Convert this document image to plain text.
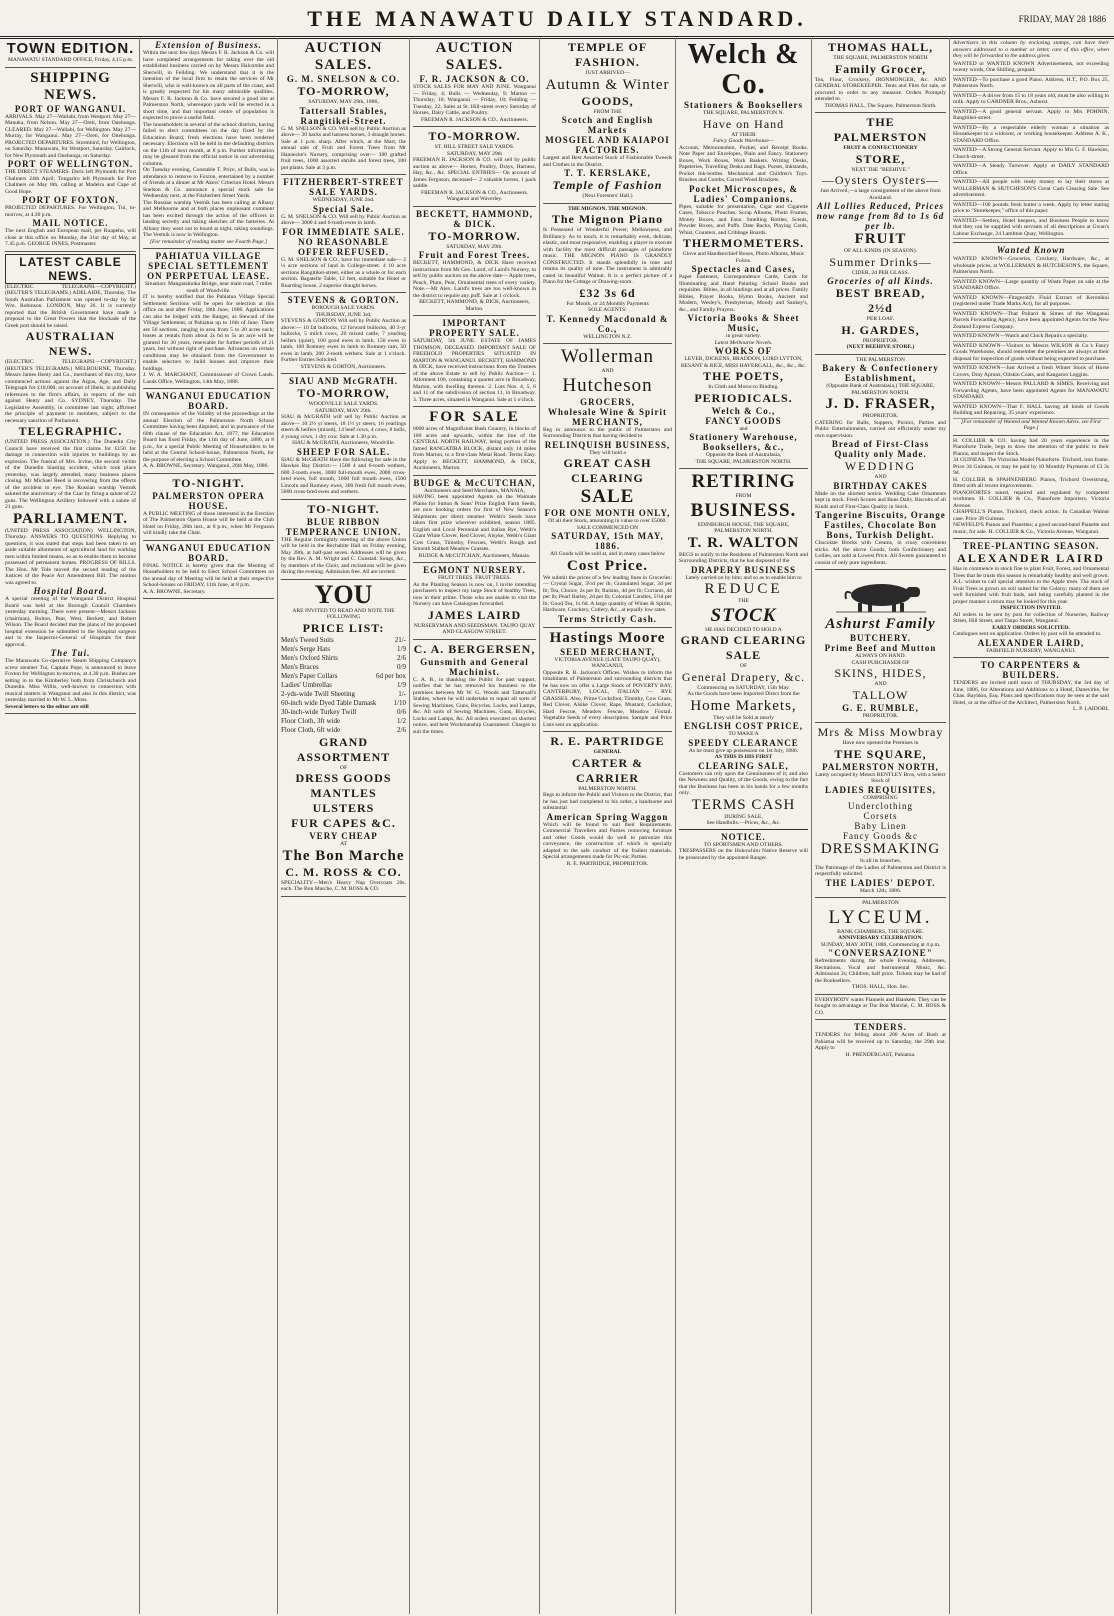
THE MANAWATU DAILY STANDARD.	FRIDAY, MAY 28 1886
TOWN EDITION.
MANAWATU STANDARD OFFICE, Friday, 4.15 p.m.
SHIPPING NEWS.
PORT OF WANGANUI.
ARRIVALS. May 27—Wallabi, from Westport. May 27—Manuka, from Nelson. May 27—Oreti, from Onehunga. CLEARED. May 27—Wallabi, for Wellington. May 27—Murray, for Wanganui. May 27—Oreti, for Onehunga. PROJECTED DEPARTURES. Stormbird, for Wellington, on Saturday. Manawatu, for Westport, Saturday. Gairloch, for New Plymouth and Onehunga, on Saturday.
PORT OF WELLINGTON.
THE DIRECT STEAMERS. Doric left Plymouth for Port Chalmers 24th April; Tongariro left Plymouth for Port Chalmers on May 8th, calling at Madeira and Cape of Good Hope.
PORT OF FOXTON.
PROJECTED DEPARTURES. For Wellington, Tui, to-morrow, at 4.30 p.m.
MAIL NOTICE.
The next English and European mail, per Ruapehu, will close at this office on Monday, the 31st day of May, at 7.45 p.m. GEORGE INNES, Postmaster.
LATEST CABLE NEWS.
(ELECTRIC TELEGRAPH.—COPYRIGHT.) (REUTER'S TELEGRAMS.) ADELAIDE, Thursday. The South Australian Parliament was opened to-day by Sir Wm. Robinson. LONDON, May 26. It is currently reported that the British Government have made a proposal to the Great Powers that the blockade of the Greek port should be raised.
AUSTRALIAN NEWS.
(ELECTRIC TELEGRAPH.—COPYRIGHT.) (REUTER'S TELEGRAMS.) MELBOURNE, Thursday. Messrs James Henty and Co., merchants of this city, have commenced actions against the Argus, Age, and Daily Telegraph for £10,000, on account of libels, in publishing references to the firm's affairs, in reports of the suit against Henty and Co. SYDNEY, Thursday. The Legislative Assembly, in committee last night, affirmed the principle of payment to members, subject to the necessary sanction of Parliament.
TELEGRAPHIC.
(UNITED PRESS ASSOCIATION.) The Dunedin City Council have received the first claims for £150 for damage in connection with injuries to buildings by an explosion. The funeral of Mrs. Irvine, the second victim of the Dunedin blasting accident, which took place yesterday, was largely attended, many business places closing. Mr Michael Reed is recovering from the effects of the accident to eye. The Russian warship Vestnik saluted the anniversary of the Czar by firing a salute of 22 guns. The Wellington Artillery followed with a salute of 21 guns.
PARLIAMENT.
(UNITED PRESS ASSOCIATION) WELLINGTON, Thursday. ANSWERS TO QUESTIONS. Replying to questions, it was stated that steps had been taken to set aside suitable allotments of agricultural land for working men within limited means, so as to enable them to become possessed of permanent homes. PROGRESS OF BILLS. The Hon. Mr Tole moved the second reading of the Justices of the Peace Act Amendment Bill. The motion was agreed to.
Hospital Board.
A special meeting of the Wanganui District Hospital Board was held at the Borough Council Chambers yesterday morning. There were present—Messrs Jackson (chairman), Bolton, Peat, West, Beckett, and Robert Wilson. The Board decided that the plans of the proposed hospital extension be submitted to the Hospital surgeon and to the Inspector-General of Hospitals for their approval.
The Tui.
The Manawatu Co-operative Steam Shipping Company's screw steamer Tui, Captain Pope, is announced to leave Foxton for Wellington to-morrow, at 4.30 p.m. Bushes are setting in to the Kimberley both from Christchurch and Dunedin. Miss Willis, well-known in connection with musical matters in Wanganui and also in this district, was yesterday married to Mr W. L. Moss.
Several letters to the editor are still
Extension of Business.
Within the next few days Messrs F. R. Jackson & Co. will have completed arrangements for taking over the old established business carried on by Messrs Halcombe and Sherwill, in Feilding. We understand that it is the intention of the local firm to retain the services of Mr Sherwill, who is well-known on all parts of the coast, and is greatly respected for his many admirable qualities. Messrs F. R. Jackson & Co. have secured a good site at Palmerston North, whereupon yards will be erected in a short time, and that important centre of population is expected to prove a useful field.
The householders in several of the school districts, having failed to elect committees on the day fixed by the Education Board, fresh elections have been rendered necessary. Elections will be held in the defaulting districts on the 11th of next month, at 8 p.m. Further information may be gleaned from the official notice in our advertising columns.
On Tuesday evening, Constable T. Price, of Bulls, was in attendance to remove to Foxton, entertained by a number of friends at a dinner at Mr Akers' Criterion Hotel. Messrs Snelson & Co. announce a special stock sale for Wednesday next, at the Fitzherbert Street Yards.
The Russian warship Vestnik has been calling at Albany and Melbourne and at both places unpleasant comment has been excited through the action of the officers in landing secretly and taking sketches of the batteries. At Albany they went out to board at night, taking soundings. The Vestnik is now in Wellington.
[For remainder of reading matter see Fourth Page.]
PAHIATUA VILLAGE SPECIAL SETTLEMENT ON PERPETUAL LEASE.
Situation: Mangatainoka Bridge, near main road, 7 miles south of Woodville.
IT is hereby notified that the Pahiatua Village Special Settlement Sections will be open for selection at this office on and after Friday, 18th June, 1886. Applications can also be lodged with the Ranger, as Steward of the Village Settlement, at Pahiatua up to 16th of June. There are 56 sections, ranging in area from 5 to 20 acres each; leases at rentals from about 2s 6d to 5s an acre will be granted for 30 years, renewable for further periods of 21 years, but without right of purchase. Advances on certain conditions may be obtained from the Government to enable selectors to build houses and improve their holdings.
J. W. A. MARCHANT, Commissioner of Crown Lands. Lands Office, Wellington, 14th May, 1886.
WANGANUI EDUCATION BOARD.
IN consequence of the Validity of the proceedings at the annual Election of the Palmerston North School Committee having been disputed, and in pursuance of the 60th clause of the Education Act, 1877, the Education Board has fixed Friday, the 11th day of June, 1886, at 8 p.m., for a special Public Meeting of Householders to be held at the Central School-house, Palmerston North, for the purpose of electing a School Committee.
A. A. BROWNE, Secretary. Wanganui, 26th May, 1886.
TO-NIGHT.
PALMERSTON OPERA HOUSE.
A PUBLIC MEETING of those interested in the Erection of The Palmerston Opera House will be held at the Club Hotel on Friday, 28th inst., at 8 p.m., when Mr Ferguson will kindly take the Chair.
WANGANUI EDUCATION BOARD.
FINAL NOTICE is hereby given that the Meeting of Householders to be held to Elect School Committees on the annual day of Meeting will be held at their respective School-houses on FRIDAY, 11th June, at 8 p.m.
A. A. BROWNE, Secretary.
AUCTION SALES.
G. M. SNELSON & CO.
TO-MORROW,
SATURDAY, MAY 29th, 1886,
Tattersall Stables, Rangitikei-Street.
G. M. SNELSON & CO. Will sell by Public Auction as above— 30 hacks and harness horses, 3 draught horses. Sale at 1 p.m. sharp. After which, at the Mart, the annual sale of Fruit and Forest Trees from Mr Hannecke's Nursery, comprising over— 300 grafted fruit trees, 1000 assorted shrubs and forest trees, 100 pot plants. Sale at 3 p.m.
FITZHERBERT-STREET SALE YARDS.
WEDNESDAY, JUNE 2nd.
Special Sale.
G. M. SNELSON & CO. Will sell by Public Auction as above— 3000 4 and 6-tooth ewes in lamb.
FOR IMMEDIATE SALE.
NO REASONABLE OFFER REFUSED.
G. M. SNELSON & CO., have for immediate sale— 2 ¼ acre sections of land in College-street. 4 10 acre sections Rangitikei-street, either as a whole or for each section. Bagatelle Table, 12 feet, suitable for Hotel or Boarding house. 2 superior draught horses.
STEVENS & GORTON.
BOROUGH SALE YARDS.
THURSDAY, JUNE 3rd,
STEVENS & GORTON Will sell by Public Auction as above:— 10 fat bullocks, 12 forward bullocks, 40 3-yr bullocks, 5 milch cows, 20 mixed cattle, 7 yearling heifers (quiet), 100 good ewes in lamb, 150 ewes in lamb, 100 Romney ewes in lamb to Romney ram, 50 ewes in lamb, 200 2-tooth wethers. Sale at 1 o'clock. Further Entries Solicited.
STEVENS & GORTON, Auctioneers.
SIAU AND McGRATH.
TO-MORROW,
WOODVILLE SALE YARDS.
SATURDAY, MAY 29th.
SIAU & McGRATH will sell by Public Auction as above— 10 2½ yr steers, 18 1½ yr steers, 16 yearlings steers & heifers (mixed), 14 beef cows, 4 cows, 8 bulls, 4 young cows, 1 dry cow. Sale at 1.30 p.m.
SIAU & McGRATH, Auctioneers, Woodville.
SHEEP FOR SALE.
SIAU & McGRATH Have the following for sale in the Hawkes Bay District:— 1500 4 and 6-tooth wethers, 600 2-tooth ewes, 3000 full-mouth ewes, 2000 cross-bred ewes, full mouth, 1000 full mouth ewes, 1500 Lincoln and Romney ewes, 300 fresh full mouth ewes, 5000 cross-bred ewes and wethers.
TO-NIGHT.
BLUE RIBBON TEMPERANCE UNION.
THE Regular fortnightly meeting of the above Union will be held in the Rechabite Hall on Friday evening, May 28th, at half-past seven. Addresses will be given by the Rev. A. M. Wright and C. Gunstad. Songs, &c., by members of the Choir, and recitations will be given during the evening. Admission free. All are invited.
YOU
ARE INVITED TO READ AND NOTE THE FOLLOWING
PRICE LIST:
Men's Tweed Suits	21/-
Men's Serge Hats	1/9
Men's Oxford Shirts	2/6
Men's Braces	0/9
Men's Paper Collars	6d per box
Ladies' Umbrellas	1/9
2-yds-wide Twill Sheeting	1/-
60-inch wide Dyed Table Damask 1/10
30-inch-wide Turkey Twill	0/6
Floor Cloth, 3ft wide	1/2
Floor Cloth, 6ft wide	2/6
GRAND ASSORTMENT
OF
DRESS GOODS
MANTLES
ULSTERS
FUR CAPES &C.
VERY CHEAP
AT
The Bon Marche
C. M. ROSS & CO.
SPECIALITY—Men's Heavy Nap Overcoats 20s. each. The Bon Marche, C. M. ROSS & CO.
AUCTION SALES.
F. R. JACKSON & CO.
STOCK SALES FOR MAY AND JUNE. Wanganui — Friday, 4; Bulls — Wednesday, 9; Marton — Thursday, 10; Wanganui — Friday, 18; Feilding — Tuesday, 22; Sales at St. Hill-street every Saturday of Horses, Dairy Cattle, and Poultry.
FREEMAN R. JACKSON & CO., Auctioneers.
TO-MORROW.
ST. HILL STREET SALE YARDS.
SATURDAY, MAY 29th
FREEMAN R. JACKSON & CO. will sell by public auction as above— Horses, Poultry, Drays, Harness, Hay, &c., &c. SPECIAL ENTRIES— On account of James Ferguson, deceased— 2 valuable horses, 1 pack saddle.
FREEMAN R. JACKSON & CO., Auctioneers. Wanganui and Waverley.
BECKETT, HAMMOND, & DICK.
TO-MORROW.
SATURDAY, MAY 29th.
Fruit and Forest Trees.
BECKETT, HAMMOND, & DICK Have received instructions from Mr Geo. Laird, of Laird's Nursery, to sell by public auction on the above date— Apple trees, Peach, Plum, Pear, Ornamental trees of every variety. Note.—Mr Alex. Laird's trees are too well-known in the district to require any puff. Sale at 1 o'clock.
BECKETT, HAMMOND, & DICK, Auctioneers, Marton.
IMPORTANT PROPERTY SALE.
SATURDAY, 5th JUNE. ESTATE OF JAMES THOMSON, DECEASED. IMPORTANT SALE OF FREEHOLD PROPERTIES SITUATED IN MARTON & WANGANUI. BECKETT, HAMMOND & DICK, have received instructions from the Trustees of the above Estate to sell by Public Auction— 1. Allotment 106, containing a quarter acre in Broadway, Marton, with dwelling thereon. 2. Lots Nos. 4, 5, 6 and 11 of the subdivision of section 11, in Broadway. 3. Three acres, situated in Wanganui. Sale at 1 o'clock.
FOR SALE
6000 acres of Magnificent Bush Country, in blocks of 100 acres and upwards, within the line of the CENTRAL NORTH RAILWAY, being portion of the famed RANGATIRA BLOCK, distant only 14 miles from Marton, to a first-class Metal Road. Terms Easy. Apply to BECKETT, HAMMOND, & DICK, Auctioneers, Marton.
BUDGE & McCUTCHAN,
Auctioneers and Seed Merchants, MANAIA,
HAVING been appointed Agents on the Waimate Plains for Sutton & Sons' Prize English Farm Seeds, are now booking orders for first of New Season's Shipments per direct steamer. Webb's Seeds have taken first prize wherever exhibited, season 1885. English and Local Perennial and Italian Rye, Webb's Giant White Clover, Red Clover, Alsyke, Webb's Giant Cow Grass, Timothy, Fescues, Webb's Rough and Smooth Stalked Meadow Grasses.
BUDGE & McCUTCHAN, Auctioneers, Manaia.
EGMONT NURSERY.
FRUIT TREES. FRUIT TREES.
As the Planting Season is now on, I invite intending purchasers to inspect my large Stock of healthy Trees, now in their prime. Those who are unable to visit the Nursery can have Catalogues forwarded.
JAMES LAIRD
NURSERYMAN AND SEEDSMAN. TAUPO QUAY AND GLASGOW STREET.
C. A. BERGERSEN,
Gunsmith and General Machinist.
C. A. B., in thanking the Public for past support, notifies that he has removed his business to the premises between Mr W. G. Woods and Tattersall's Stables, where he will undertake to repair all sorts of Sewing Machines, Guns, Bicycles, Locks, and Lamps, &c. All sorts of Sewing Machines, Guns, Bicycles, Locks and Lamps, &c. All orders executed on shortest notice, and best Workmanship Guaranteed. Charges to suit the times.
TEMPLE OF FASHION.
JUST ARRIVED—
Autumn & Winter
GOODS,
FROM THE
Scotch and English Markets
MOSGIEL AND KAIAPOI FACTORIES.
Largest and Best Assorted Stock of Fashionable Tweeds and Clothes in the District.
T. T. KERSLAKE,
Temple of Fashion
(Next Foresters' Hall.)
THE MIGNON. THE MIGNON.
The Mignon Piano
Is Possessed of Wonderful Power, Mellowness, and Brilliancy. As to touch, it is remarkably even, delicate, elastic, and most responsive, enabling a player to execute with facility the most difficult passages of pianoforte music. THE MIGNON PIANO IS GRANDLY CONSTRUCTED. It stands splendidly in tone and retains its quality of tone. The instrument is admirably cased in beautiful Walnut. It is a perfect picture of a Piano for the Cottage or Drawing-room.
£32 3s 6d
For Month, or 24 Monthly Payments
SOLE AGENTS:
T. Kennedy Macdonald & Co.,
WELLINGTON N.Z.
Wollerman
AND
Hutcheson
GROCERS,
Wholesale Wine & Spirit MERCHANTS,
Beg to announce to the public of Palmerston and Surrounding Districts that having decided to
RELINQUISH BUSINESS,
They will hold a
GREAT CASH CLEARING
SALE
FOR ONE MONTH ONLY,
Of all their Stock, amounting in value to over £5000.
SALE COMMENCED ON
SATURDAY, 15th MAY, 1886.
All Goods will be sold at, and in many cases below
Cost Price.
We submit the prices of a few leading lines in Groceries:— Crystal Sugar, 3½d per lb; Granulated Sugar, 3d per lb; Tea, Choice, 2s per lb; Raisins, 4d per lb; Currants, 4d per lb; Pearl Barley, 2d per lb; Colonial Candles, 5½d per lb; Good Tea, 1s 6d. A large quantity of Wines & Spirits, Hardware, Crockery, Cutlery, &c., at equally low rates.
Terms Strictly Cash.
Hastings Moore
SEED MERCHANT,
VICTORIA AVENUE (LATE TAUPO QUAY), WANGANUI,
Opposite R. B. Jackson's Offices. Wishes to inform the inhabitants of Palmerston and surrounding districts that he has now on offer a Large Stock of POVERTY BAY, CANTERBURY, LOCAL, ITALIAN — RYE GRASSES. Also, Prime Cocksfoot, Timothy, Cow Grass, Red Clover, Alsike Clover, Rape, Mustard, Cocksfoot, Hard Fescue, Meadow Fescue, Meadow Foxtail. Vegetable Seeds of every description. Sample and Price Lists sent on application.
R. E. PARTRIDGE
GENERAL
CARTER & CARRIER
PALMERSTON NORTH.
Begs to inform the Public and Visitors to the District, that he has just had completed to his order, a handsome and substantial
American Spring Waggon
Which will be found to suit their Requirements. Commercial Travellers and Parties removing furniture and other Goods would do well to patronize this conveyance, the construction of which is specially adapted to the safe conduct of the frailest materials. Special arrangements made for Pic-nic Parties.
R. E. PARTRIDGE, PROPRIETOR.
Welch & Co.
Stationers & Booksellers
THE SQUARE, PALMERSTON N.
Have on Hand
AT THEIR
Fancy Goods Warehouse—
Account, Memorandum, Pocket, and Receipt Books. Note Paper and Envelopes, Plain and Fancy. Stationery Boxes, Work Boxes, Work Baskets. Writing Desks, Papeteries, Travelling Desks and Bags. Purses, Inkstands, Pocket Ink-bottles. Mechanical and Children's Toys. Brushes and Combs, Carved Wood Brackets.
Pocket Microscopes, & Ladies' Companions.
Pipes, suitable for presentation, Cigar and Cigarette Cases, Tobacco Pouches. Scrap Albums, Photo Frames, Money Boxes, and Fans. Smelling Bottles, Scents, Powder Boxes, and Puffs. Date Racks, Playing Cards, Whist, Counters, and Cribbage Boards.
THERMOMETERS.
Glove and Handkerchief Boxes, Photo Albums, Music Folios.
Spectacles and Cases,
Paper Fasteners, Correspondence Cards, Cards for Illuminating and Hand Painting. School Books and requisites. Bibles, in all bindings and at all prices. Family Bibles, Prayer Books, Hymn Books, Ancient and Modern, Wesley's, Presbyterian, Moody and Sankey's, &c., and Family Prayers.
Victoria Books & Sheet Music,
in great variety.
Latest Melbourne Novels.
WORKS OF
LEVER, DICKENS, BRADDON, LORD LYTTON, BESANT & RICE, MISS HAVERGALL, &c., &c., &c.
THE POETS,
In Cloth and Morocco Binding.
PERIODICALS.
Welch & Co.,
FANCY GOODS
and
Stationery Warehouse, Booksellers, &c.,
Opposite the Bank of Australasia,
THE SQUARE, PALMERSTON NORTH.
RETIRING
FROM
BUSINESS.
EDINBURGH HOUSE, THE SQUARE, PALMERSTON NORTH.
T. R. WALTON
BEGS to notify to the Residents of Palmerston North and Surrounding Districts, that he has disposed of the
DRAPERY BUSINESS
Lately carried on by him; and so as to enable him to
REDUCE
THE
STOCK
HE HAS DECIDED TO HOLD A
GRAND CLEARING SALE
OF
General Drapery, &c.
Commencing on SATURDAY, 15th May.
As the Goods have been Imported Direct from the
Home Markets,
They will be Sold at nearly
ENGLISH COST PRICE,
TO MAKE A
SPEEDY CLEARANCE
As he must give up possession on 1st July, 1886.
AS THIS IS HIS FIRST
CLEARING SALE,
Customers can rely upon the Genuineness of it; and also the Newness and Quality, of the Goods, owing to the fact that the Business has been in his hands for a few months only.
TERMS CASH
DURING SALE,
See Handbills.—Prices, &c., &c.
NOTICE.
TO SPORTSMEN AND OTHERS.
TRESPASSERS on the Hokowhitu Native Reserve will be prosecuted by the appointed Ranger.
THOMAS HALL,
THE SQUARE, PALMERSTON NORTH
Family Grocer,
Tea, Flour, Crockery, IRONMONGER, &c. AND GENERAL STOREKEEPER. Tents and Flies for sale, or procured to order to any measure. Orders Promptly attended to.
THOMAS HALL, The Square, Palmerston North.
THE
PALMERSTON
FRUIT & CONFECTIONERY
STORE,
NEXT THE "BEEHIVE."
—Oysters Oysters—
Just Arrived,—a large consignment of the above from Auckland.
All Lollies Reduced, Prices now range from 8d to 1s 6d per lb.
FRUIT
OF ALL KINDS (IN SEASON).
Summer Drinks—
CIDER, 2d PER GLASS.
Groceries of all Kinds.
BEST BREAD,
2½d
PER LOAF.
H. GARDES,
PROPRIETOR.
(NEXT BEEHIVE STORE.)
THE PALMERSTON
Bakery & Confectionery Establishment,
(Opposite Bank of Australasia,) THE SQUARE, PALMERSTON NORTH.
J. D. FRASER,
PROPRIETOR.
CATERING for Balls, Suppers, Picnics, Parties and Public Entertainments, carried out efficiently under my own supervision.
Bread of First-Class Quality only Made.
WEDDING
AND
BIRTHDAY CAKES
Made on the shortest notice. Wedding Cake Ornaments kept in stock. Fresh Scones and Buns Daily. Biscuits of all Kinds and of First-Class Quality in Stock.
Tangerine Biscuits, Orange Fastiles, Chocolate Bon Bons, Turkish Delight.
Chocolate Blocks with Creams, in crusy convenient sticks. All the above Goods, both Confectionery and Lollies, are sold at Lowest Price. All Sweets guaranteed to consist of only pure ingredients.
Ashurst Family
BUTCHERY.
Prime Beef and Mutton
ALWAYS ON HAND.
CASH PURCHASER OF
SKINS, HIDES,
AND
TALLOW
G. E. RUMBLE,
PROPRIETOR.
Mrs & Miss Mowbray
Have now opened the Premises in
THE SQUARE,
PALMERSTON NORTH,
Lately occupied by Messrs BENTLEY Bros, with a Select Stock of
LADIES REQUISITES,
COMPRISING
Underclothing
Corsets
Baby Linen
Fancy Goods &c
DRESSMAKING
In all its branches.
The Patronage of the Ladies of Palmerston and District is respectfully solicited.
THE LADIES' DEPOT.
March 12th, 1886.
PALMERSTON
LYCEUM.
BANK CHAMBERS, THE SQUARE.
ANNIVERSARY CELEBRATION.
SUNDAY, MAY 30TH, 1886, Commencing at 4 p.m.
"CONVERSAZIONE"
Refreshments during the whole Evening. Addresses, Recitations, Vocal and Instrumental Music, &c. Admission 2s; Children, half price. Tickets may be had of the Booksellers.
THOS. HALL, Hon. Sec.
EVERYBODY wants Flannels and Blankets. They can be bought to advantage at The Bon Marché, C. M. ROSS & CO.
TENDERS.
TENDERS for felling about 200 Acres of Bush at Pahiatua will be received up to Saturday, the 29th inst. Apply to
H. PRENDERGAST, Pahiatua.
Advertisers in this column by enclosing stamps, can have their answers addressed to a number or letter, care of this office, when they will be forwarded to the address given.
WANTED or WANTED KNOWN Advertisements, not exceeding twenty words, One Shilling, prepaid.
WANTED—To purchase a good Piano. Address, H.T., P.O. Box 25, Palmerston North.
WANTED—A driver from 15 to 18 years old, must be also willing to milk. Apply to GARDNER Bros., Ashurst.
WANTED—A good general servant. Apply to Mrs POHNIN, Rangitikei-street.
WANTED—By a respectable elderly woman a situation as Housekeeper to a widower, or working housekeeper. Address A. K., STANDARD Office.
WANTED—A Strong General Servant. Apply to Mrs G. F. Hawkins, Church-street.
WANTED—A Steady Turnover. Apply at DAILY STANDARD Office.
WANTED—All people with ready money to lay their stores at WOLLERMAN & HUTCHESON'S Great Cash Clearing Sale. See advertisement.
WANTED—100 pounds fresh butter a week. Apply by letter stating price to "Storekeeper," office of this paper.
WANTED—Settlers, Hotel keepers, and Business People to know that they can be supplied with servants of all descriptions at Gwan's Labour Exchange, 24 Lambton Quay, Wellington.
Wanted Known
WANTED KNOWN—Groceries, Crockery, Hardware, &c., at wholesale prices, at WOLLERMAN & HUTCHESON'S, the Square, Palmerston North.
WANTED KNOWN—Large quantity of Waste Paper on sale at the STANDARD Office.
WANTED KNOWN—Fitzgerald's Fluid Extract of Keronikoi (registered under Trade Marks Act), for all purposes.
WANTED KNOWN—That Pollard & Simes of the Wanganui Parcels Forwarding Agency, have been appointed Agents for the New Zealand Express Company.
WANTED KNOWN—Watch and Clock Repairs a specialty.
WANTED KNOWN—Visitors to Messrs WILSON & Co.'s Fancy Goods Warehouse, should remember the premises are always at their disposal for inspection of goods without being expected to purchase.
WANTED KNOWN—Just Arrived a fresh Winter Stock of Horse Covers, Dray Aprons, Oilskin Coats, and Kangaroo Leggins.
WANTED KNOWN—Messrs PALLARD & SIMES, Receiving and Forwarding Agents, have been appointed Agents for MANAWATU STANDARD.
WANTED KNOWN—That F. HALL having all kinds of Goods Building and Repairing, 35 years' experience.
[For remainder of Wanted and Wanted Known Advts. see First Page.]
H. COLLIER & CO. having had 20 years experience in the Pianoforte Trade, begs to draw the attention of the public to their Pianos, and inspect the Stock.
34 GUINEAS. The Victorian Model Pianoforte. Trichord, iron frame. Price 34 Guineas, or may be paid by 10 Monthly Payments of £3 3s 9d.
H. COLLIER & SPAHNENBERG Pianos, Trichord Overstrung, fitted with all recent improvements.
PIANOFORTES tuned, repaired and regulated by competent workmen. H. COLLIER & Co., Pianoforte Importers, Victoria Avenue.
CHAPPELL'S Pianos. Trichord, check action. In Canadian Walnut case. Price 38 Guineas.
NEWFELD'S Pianos and Pianettes; a good second-hand Pianette and music, for sale. H. COLLIER & Co., Victoria Avenue, Wanganui.
TREE-PLANTING SEASON.
ALEXANDER LAIRD
Has in commence in stock fine to plant Fruit, Forest, and Ornamental Trees that he trusts this season is remarkably healthy and well grown. A.L. wishes to call special attention to the Apple trees. The stock of Fruit Trees is grown on soil suited for the Colony; many of them are well furnished with fruit buds, and being carefully planted in the proper manner a return may be looked for this year.
INSPECTION INVITED.
All orders to be sent by post for collection of Nurseries, Railway Street, Hill Street, and Taupo Street, Wanganui.
EARLY ORDERS SOLICITED.
Catalogues sent on application. Orders by post will be attended to.
ALEXANDER LAIRD,
FAIRFIELD NURSERY, WANGANUI.
TO CARPENTERS & BUILDERS.
TENDERS are invited until noon of THURSDAY, the 3rd day of June, 1886, for Alterations and Additions to a Hotel, Danevirke, for Chas. Bayldon, Esq. Plans and specifications may be seen at the said Hotel, or at the office of the Architect, Palmerston North.
L. P. LAIDOBL
